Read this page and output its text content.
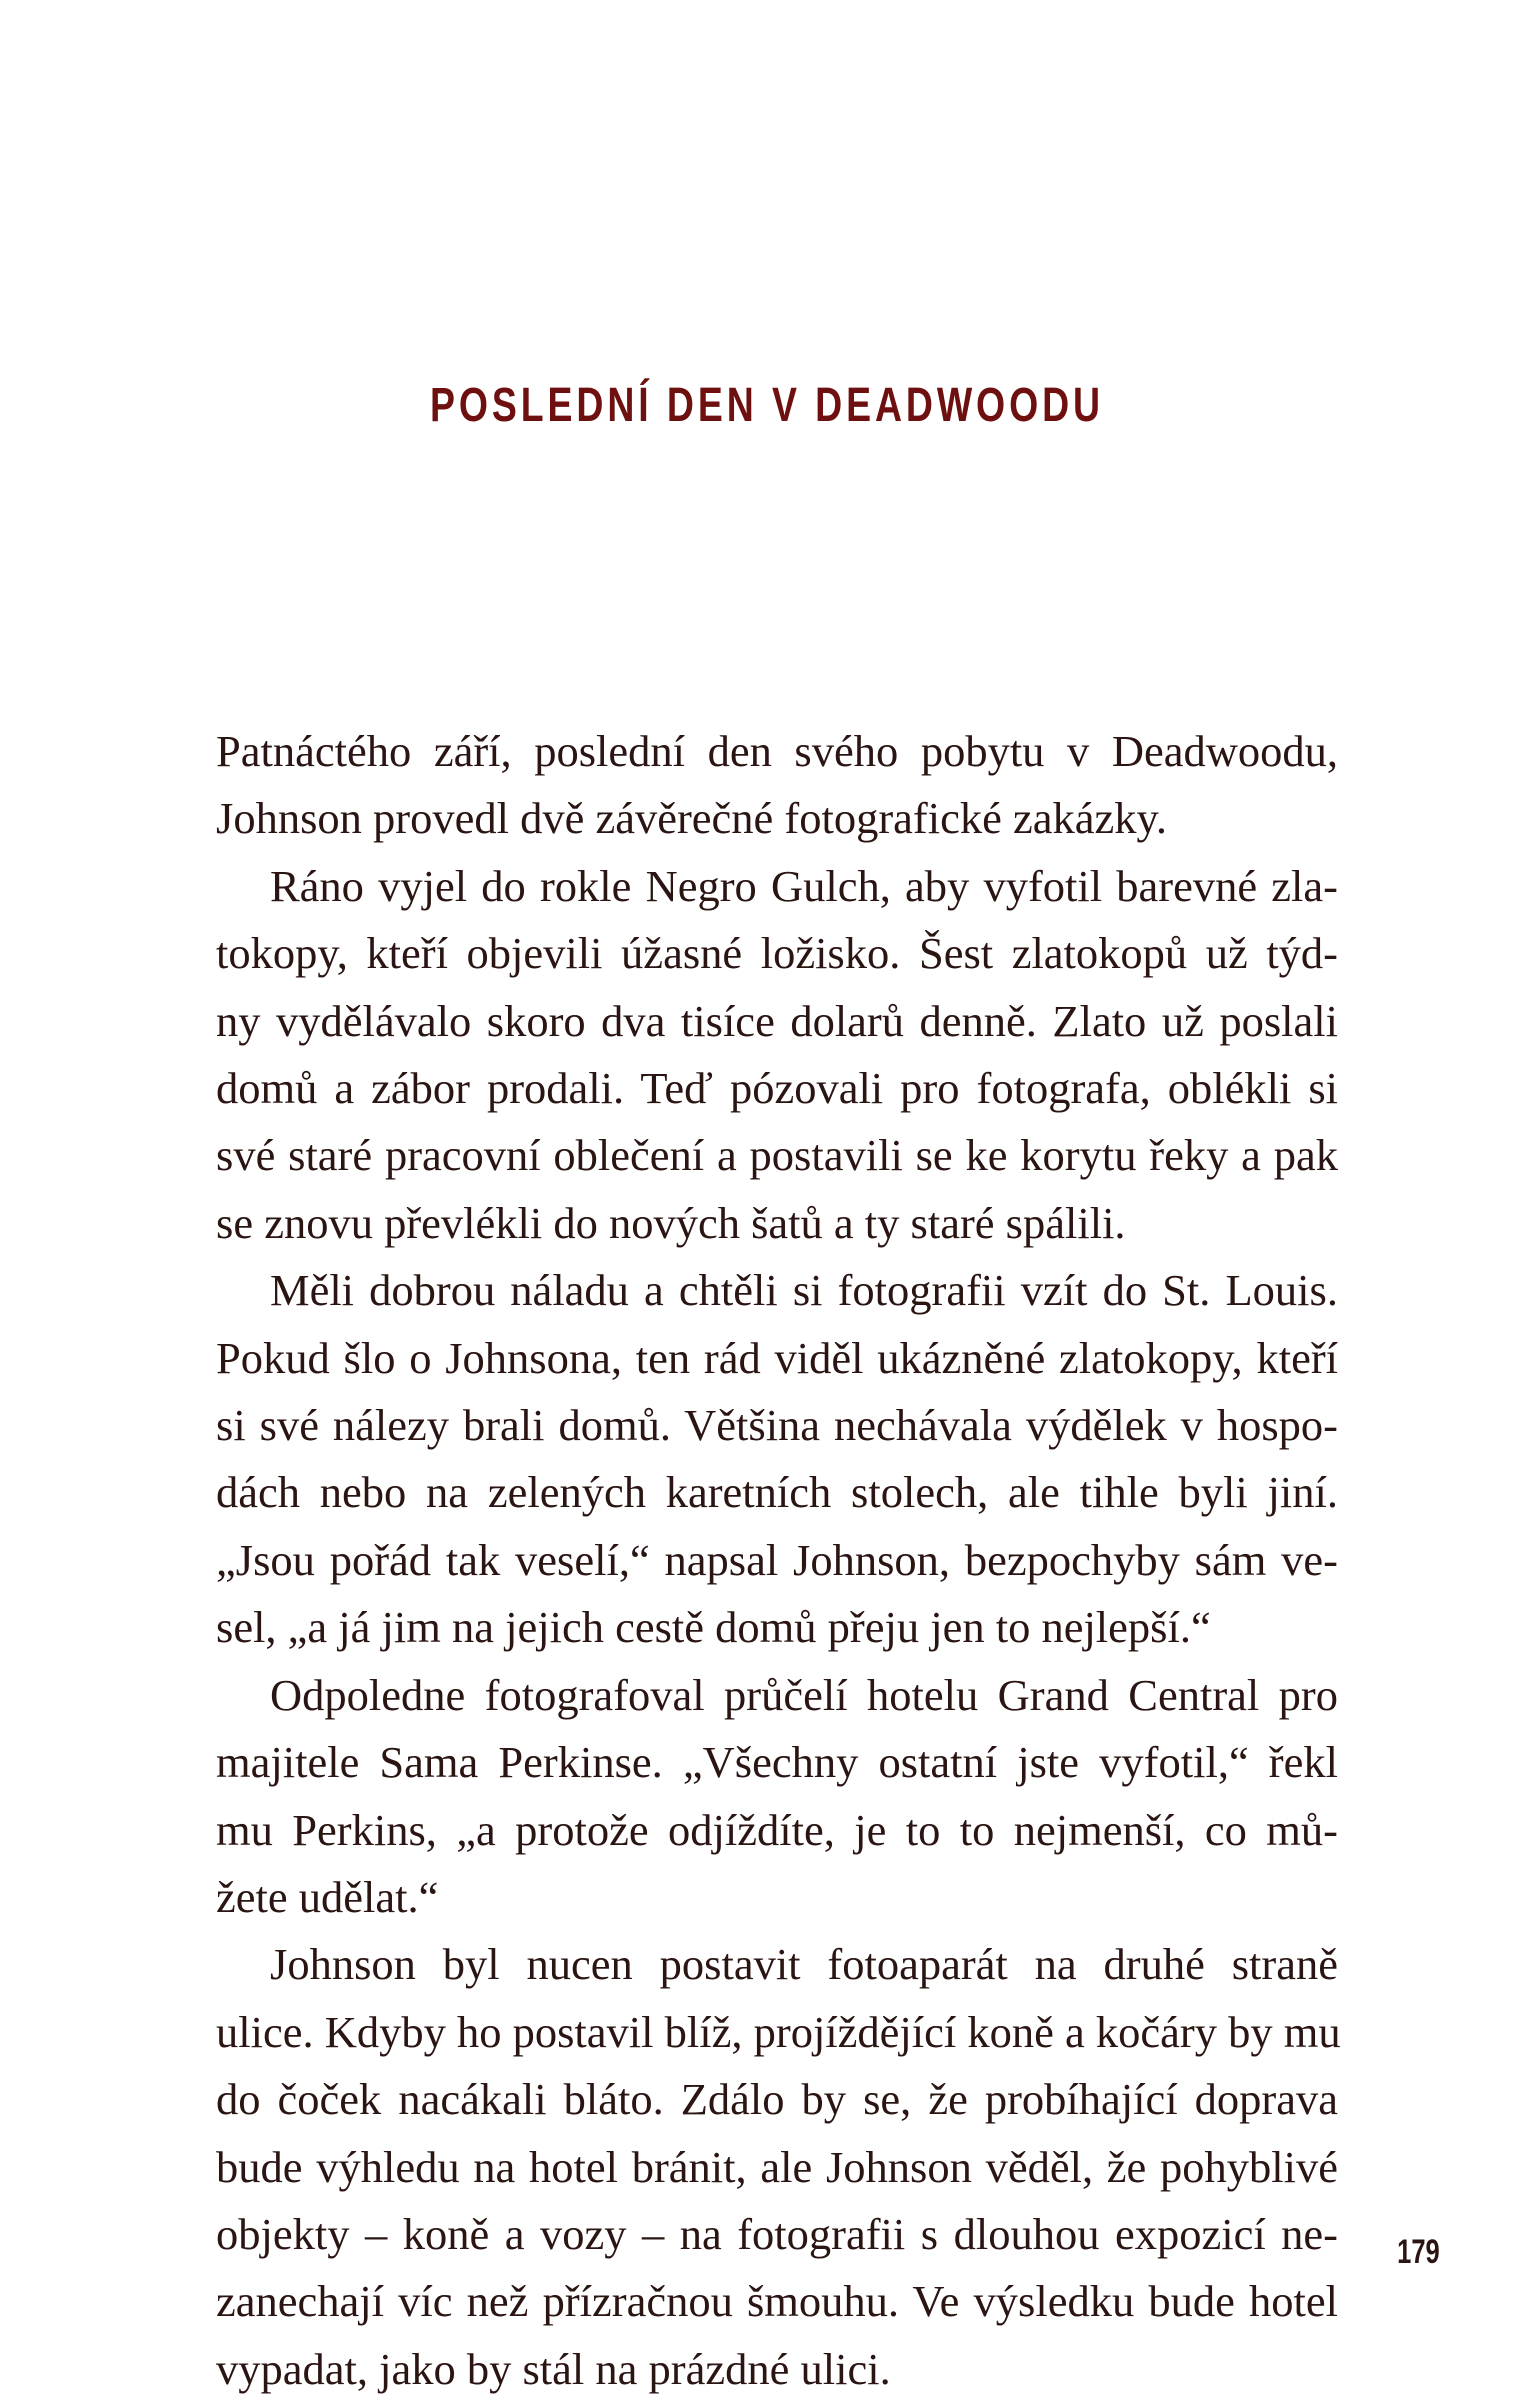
POSLEDNÍ DEN V DEADWOODU
Patnáctého září, poslední den svého pobytu v Deadwoodu,
Johnson provedl dvě závěrečné fotografické zakázky.
Ráno vyjel do rokle Negro Gulch, aby vyfotil barevné zla-
tokopy, kteří objevili úžasné ložisko. Šest zlatokopů už týd-
ny vydělávalo skoro dva tisíce dolarů denně. Zlato už poslali
domů a zábor prodali. Teď pózovali pro fotografa, oblékli si
své staré pracovní oblečení a postavili se ke korytu řeky a pak
se znovu převlékli do nových šatů a ty staré spálili.
Měli dobrou náladu a chtěli si fotografii vzít do St. Louis.
Pokud šlo o Johnsona, ten rád viděl ukázněné zlatokopy, kteří
si své nálezy brali domů. Většina nechávala výdělek v hospo-
dách nebo na zelených karetních stolech, ale tihle byli jiní.
„Jsou pořád tak veselí,“ napsal Johnson, bezpochyby sám ve-
sel, „a já jim na jejich cestě domů přeju jen to nejlepší.“
Odpoledne fotografoval průčelí hotelu Grand Central pro
majitele Sama Perkinse. „Všechny ostatní jste vyfotil,“ řekl
mu Perkins, „a protože odjíždíte, je to to nejmenší, co mů-
žete udělat.“
Johnson byl nucen postavit fotoaparát na druhé straně
ulice. Kdyby ho postavil blíž, projíždějící koně a kočáry by mu
do čoček nacákali bláto. Zdálo by se, že probíhající doprava
bude výhledu na hotel bránit, ale Johnson věděl, že pohyblivé
objekty – koně a vozy – na fotografii s dlouhou expozicí ne-
zanechají víc než přízračnou šmouhu. Ve výsledku bude hotel
vypadat, jako by stál na prázdné ulici.
179
